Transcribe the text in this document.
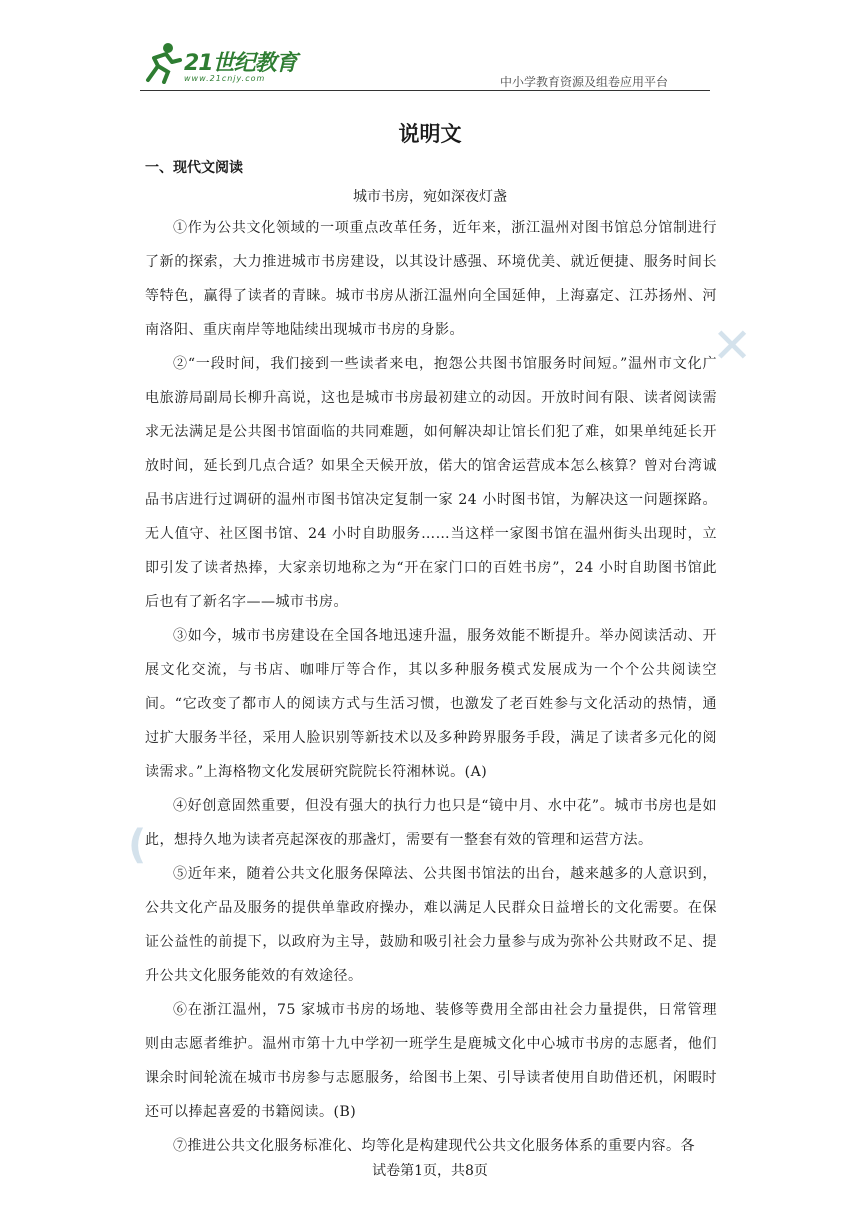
21世纪教育
www.21cnjy.com	中小学教育资源及组卷应用平台
✕
(
说明文
一、现代文阅读
城市书房，宛如深夜灯盏

①作为公共文化领域的一项重点改革任务，近年来，浙江温州对图书馆总分馆制进行了新的探索，大力推进城市书房建设，以其设计感强、环境优美、就近便捷、服务时间长等特色，赢得了读者的青睐。城市书房从浙江温州向全国延伸，上海嘉定、江苏扬州、河南洛阳、重庆南岸等地陆续出现城市书房的身影。

②“一段时间，我们接到一些读者来电，抱怨公共图书馆服务时间短。”温州市文化广电旅游局副局长柳升高说，这也是城市书房最初建立的动因。开放时间有限、读者阅读需求无法满足是公共图书馆面临的共同难题，如何解决却让馆长们犯了难，如果单纯延长开放时间，延长到几点合适？如果全天候开放，偌大的馆舍运营成本怎么核算？曾对台湾诚品书店进行过调研的温州市图书馆决定复制一家 24 小时图书馆，为解决这一问题探路。无人值守、社区图书馆、24 小时自助服务……当这样一家图书馆在温州街头出现时，立即引发了读者热捧，大家亲切地称之为“开在家门口的百姓书房”，24 小时自助图书馆此后也有了新名字——城市书房。

③如今，城市书房建设在全国各地迅速升温，服务效能不断提升。举办阅读活动、开展文化交流，与书店、咖啡厅等合作，其以多种服务模式发展成为一个个公共阅读空间。“它改变了都市人的阅读方式与生活习惯，也激发了老百姓参与文化活动的热情，通过扩大服务半径，采用人脸识别等新技术以及多种跨界服务手段，满足了读者多元化的阅读需求。”上海格物文化发展研究院院长符湘林说。(A)

④好创意固然重要，但没有强大的执行力也只是“镜中月、水中花”。城市书房也是如此，想持久地为读者亮起深夜的那盏灯，需要有一整套有效的管理和运营方法。

⑤近年来，随着公共文化服务保障法、公共图书馆法的出台，越来越多的人意识到，公共文化产品及服务的提供单靠政府操办，难以满足人民群众日益增长的文化需要。在保证公益性的前提下，以政府为主导，鼓励和吸引社会力量参与成为弥补公共财政不足、提升公共文化服务能效的有效途径。

⑥在浙江温州，75 家城市书房的场地、装修等费用全部由社会力量提供，日常管理则由志愿者维护。温州市第十九中学初一班学生是鹿城文化中心城市书房的志愿者，他们课余时间轮流在城市书房参与志愿服务，给图书上架、引导读者使用自助借还机，闲暇时还可以捧起喜爱的书籍阅读。(B)

⑦推进公共文化服务标准化、均等化是构建现代公共文化服务体系的重要内容。各

试卷第1页，共8页
